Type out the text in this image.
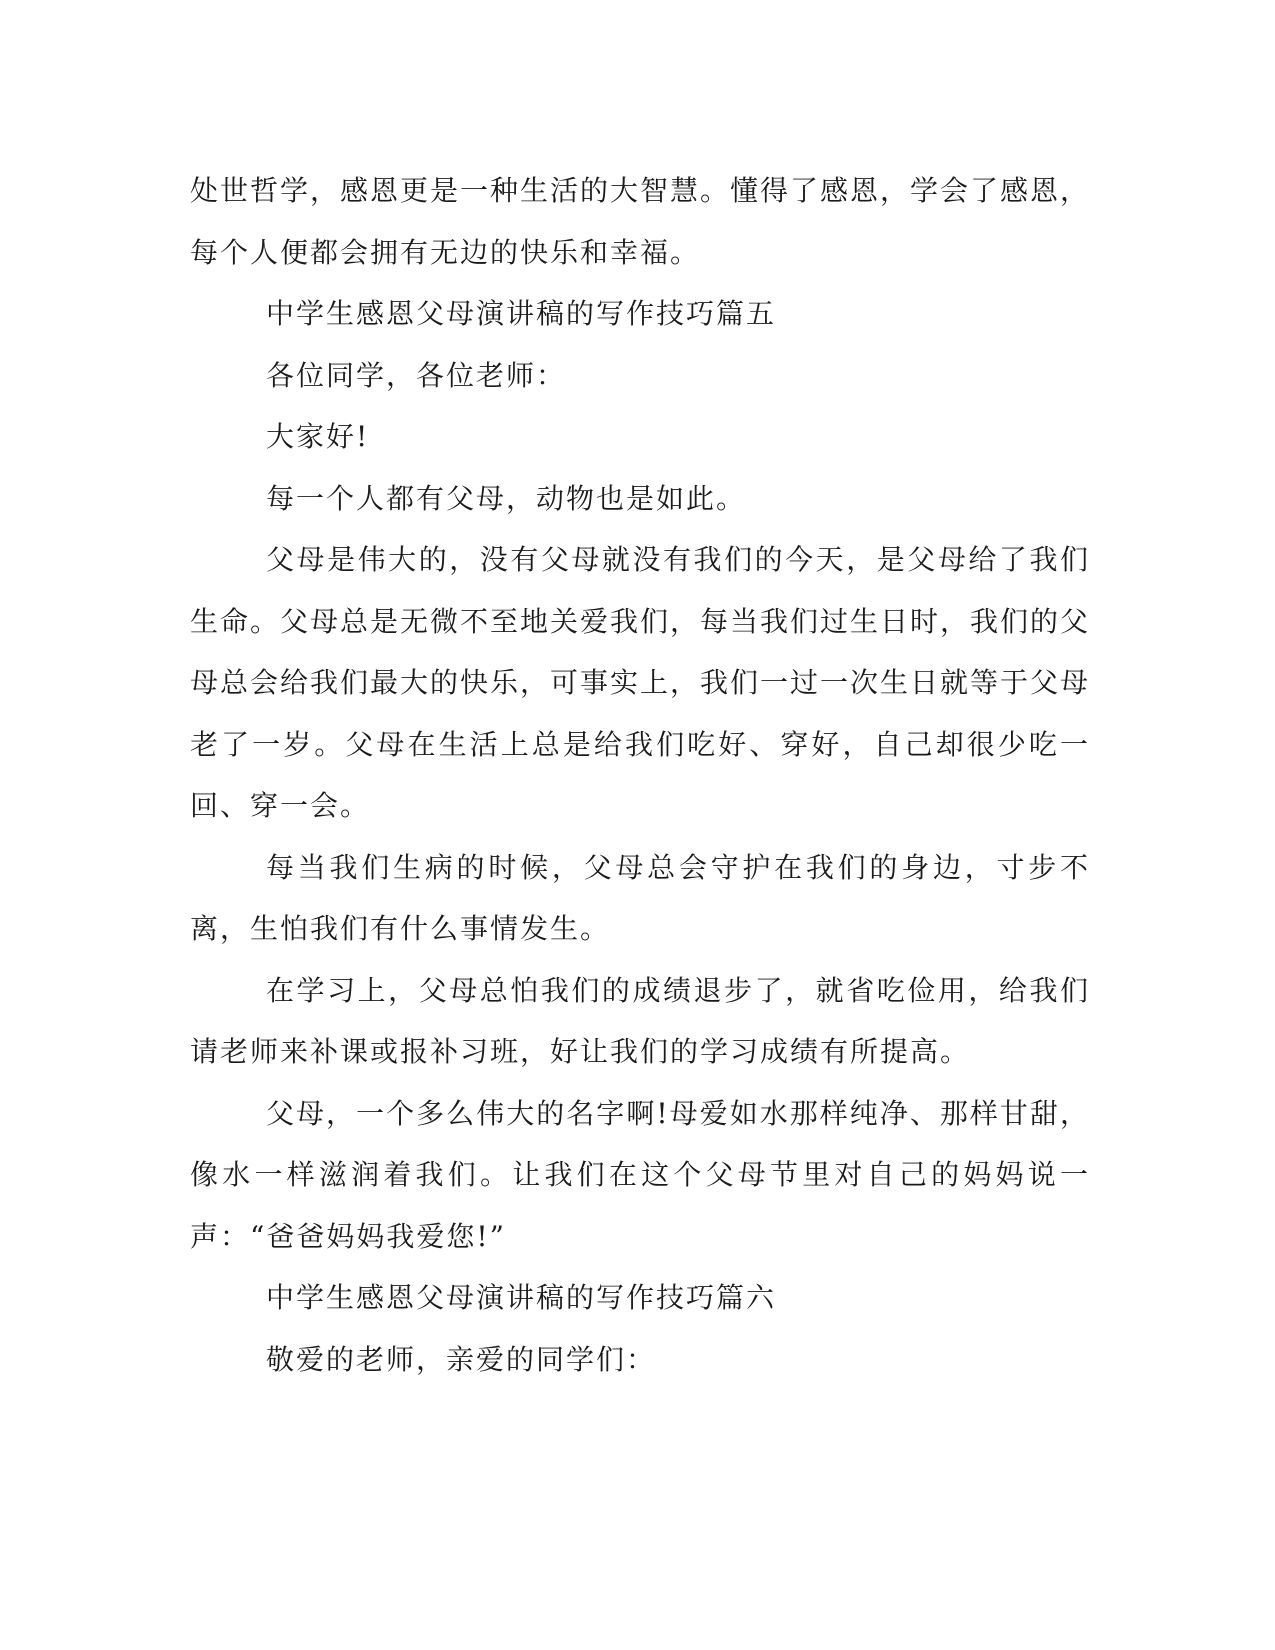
处世哲学，感恩更是一种生活的大智慧。懂得了感恩，学会了感恩，每个人便都会拥有无边的快乐和幸福。

中学生感恩父母演讲稿的写作技巧篇五

各位同学，各位老师：

大家好!

每一个人都有父母，动物也是如此。

父母是伟大的，没有父母就没有我们的今天，是父母给了我们生命。父母总是无微不至地关爱我们，每当我们过生日时，我们的父母总会给我们最大的快乐，可事实上，我们一过一次生日就等于父母老了一岁。父母在生活上总是给我们吃好、穿好，自己却很少吃一回、穿一会。

每当我们生病的时候，父母总会守护在我们的身边，寸步不离，生怕我们有什么事情发生。

在学习上，父母总怕我们的成绩退步了，就省吃俭用，给我们请老师来补课或报补习班，好让我们的学习成绩有所提高。

父母，一个多么伟大的名字啊!母爱如水那样纯净、那样甘甜，像水一样滋润着我们。让我们在这个父母节里对自己的妈妈说一声：“爸爸妈妈我爱您!”

中学生感恩父母演讲稿的写作技巧篇六

敬爱的老师，亲爱的同学们：
